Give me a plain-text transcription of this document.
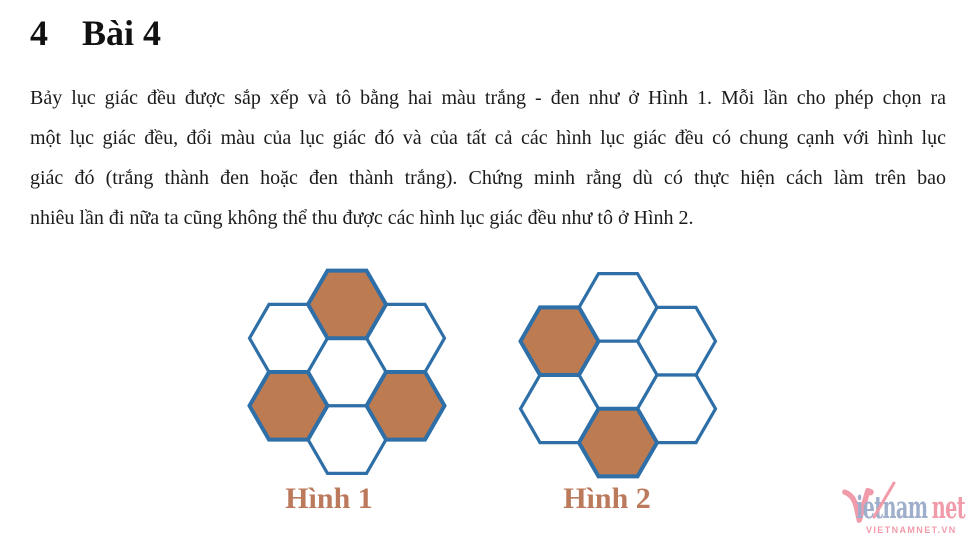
4 Bài 4
Bảy lục giác đều được sắp xếp và tô bằng hai màu trắng - đen như ở Hình 1. Mỗi lần cho phép chọn ra
một lục giác đều, đổi màu của lục giác đó và của tất cả các hình lục giác đều có chung cạnh với hình lục
giác đó (trắng thành đen hoặc đen thành trắng). Chứng minh rằng dù có thực hiện cách làm trên bao
nhiêu lần đi nữa ta cũng không thể thu được các hình lục giác đều như tô ở Hình 2.
Hình 1	Hình 2	ietnam net
VIETNAMNET.VN
